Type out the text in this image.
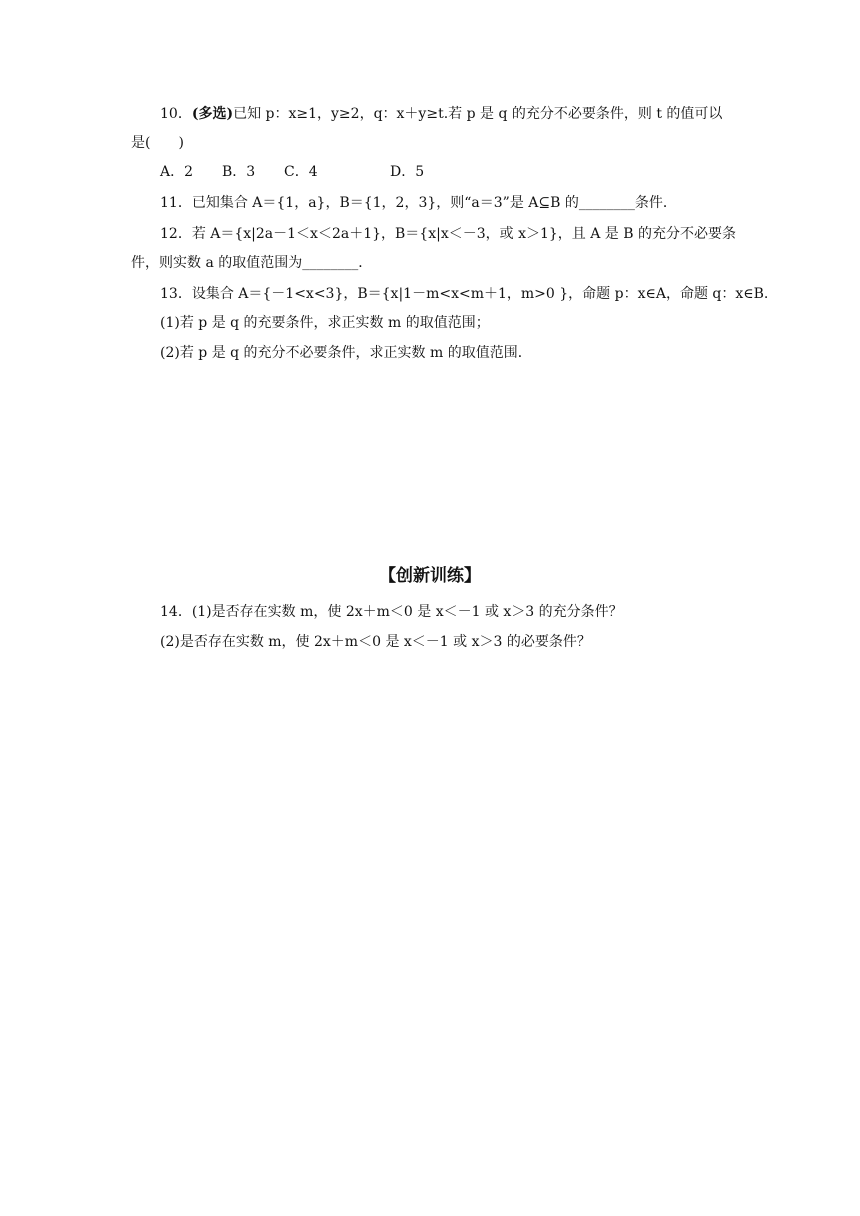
10．(多选)已知 p：x≥1，y≥2，q：x＋y≥t.若 p 是 q 的充分不必要条件，则 t 的值可以
是(　　)
A．2 B．3 C．4	D．5
11．已知集合 A＝{1，a}，B＝{1，2，3}，则“a＝3”是 A⊆B 的________条件．
12．若 A＝{x|2a－1＜x＜2a＋1}，B＝{x|x＜－3，或 x＞1}，且 A 是 B 的充分不必要条
件，则实数 a 的取值范围为________．
13．设集合 A＝{－1<x<3}，B＝{x|1－m<x<m＋1，m>0 }，命题 p：x∈A，命题 q：x∈B.
(1)若 p 是 q 的充要条件，求正实数 m 的取值范围；
(2)若 p 是 q 的充分不必要条件，求正实数 m 的取值范围．
【创新训练】
14．(1)是否存在实数 m，使 2x＋m＜0 是 x＜－1 或 x＞3 的充分条件？
(2)是否存在实数 m，使 2x＋m＜0 是 x＜－1 或 x＞3 的必要条件？
